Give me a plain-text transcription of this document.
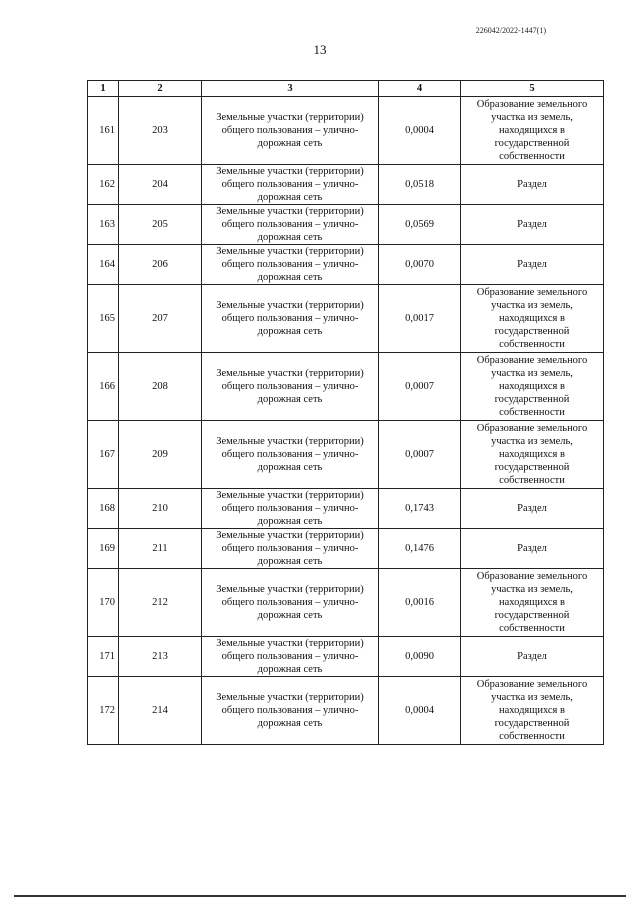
226042/2022-1447(1)
13
1	2	3	4	5
161	203	Земельные участки (территории) общего пользования – улично-дорожная сеть	0,0004	Образование земельного участка из земель, находящихся в государственной собственности
162	204	Земельные участки (территории) общего пользования – улично-дорожная сеть	0,0518	Раздел
163	205	Земельные участки (территории) общего пользования – улично-дорожная сеть	0,0569	Раздел
164	206	Земельные участки (территории) общего пользования – улично-дорожная сеть	0,0070	Раздел
165	207	Земельные участки (территории) общего пользования – улично-дорожная сеть	0,0017	Образование земельного участка из земель, находящихся в государственной собственности
166	208	Земельные участки (территории) общего пользования – улично-дорожная сеть	0,0007	Образование земельного участка из земель, находящихся в государственной собственности
167	209	Земельные участки (территории) общего пользования – улично-дорожная сеть	0,0007	Образование земельного участка из земель, находящихся в государственной собственности
168	210	Земельные участки (территории) общего пользования – улично-дорожная сеть	0,1743	Раздел
169	211	Земельные участки (территории) общего пользования – улично-дорожная сеть	0,1476	Раздел
170	212	Земельные участки (территории) общего пользования – улично-дорожная сеть	0,0016	Образование земельного участка из земель, находящихся в государственной собственности
171	213	Земельные участки (территории) общего пользования – улично-дорожная сеть	0,0090	Раздел
172	214	Земельные участки (территории) общего пользования – улично-дорожная сеть	0,0004	Образование земельного участка из земель, находящихся в государственной собственности
